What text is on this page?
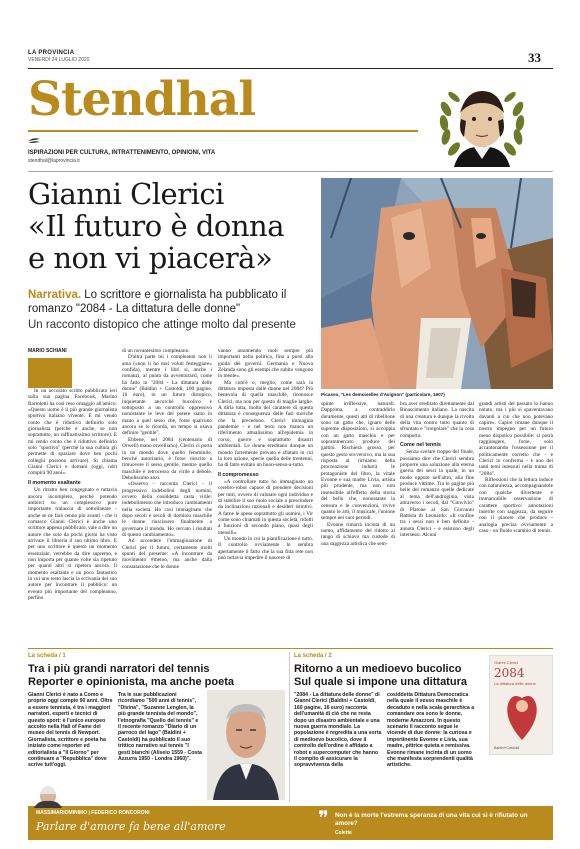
LA PROVINCIA
VENERDÌ 24 LUGLIO 2020	33
Stendhal
ISPIRAZIONI PER CULTURA, INTRATTENIMENTO, OPINIONI, VITA
stendhal@laprovincia.it
Gianni Clerici
«Il futuro è donna
e non vi piacerà»
Narrativa. Lo scrittore e giornalista ha pubblicato il romanzo "2084 - La dittatura delle donne"
Un racconto distopico che attinge molto dal presente
Picasso, "Les demoiselles d'Avignon" (particolare, 1907)
MARIO SCHIANI

In un accorato scritto pubblicato ieri sulla sua pagina Facebook, Marino Bartoletti ha così reso omaggio all'amico: «Questo uomo è il più grande giornalista sportivo italiano vivente. E mi vendo conto che è riduttivo definirlo solo giornalista (perché è anche, se non soprattutto, un raffinatissimo scrittore). E mi rendo conto che è riduttivo definirlo solo "sportivo" (perché la sua cultura gli permette di spaziare dove ben pochi colleghi possono arrivare). Si chiama Gianni Clerici e domani (oggi, ndr) compirà 90 anni».

Il momento esaltante

Un ritratto ben congegnato e tuttavia ancora incompleto, perché potendo ambirci su un complessivo pure importante tralascia di sottolineare - anche se ne farà cenno più avanti - che il comasco Gianni Clerici è anche uno scrittore appena pubblicato, vale a dire un autore che solo da pochi giorni ha visto arrivare il libreria il suo ultimo libro. E per uno scrittore è questo un momento essenziale, verrebbe da dire supremo, e non importa per quante volte sia ripetuto per quanti altri si ripetera ancora. Il momento esaltante e un poco fantastico in cui uno testo lascia la scrivania del suo autore per incontrare il pubblico: un evento più importante del compleanno, perfino

di un novantesimo compleanno.

D'altra parte lui i compleanni non li ama («non li ho mai voluti festeggiare» confida), mentre i libri sì, anche i romanzi, al punto da avventurarsi, come ha fatto in "2084 - La dittatura delle donne" (Baldini + Castoldi, 160 pagine, 16 euro), in un futuro distopico, inquietante ancorché bucolico e sottoposto a un controllo oppressivo nonostante le leve del potere siano in mano a quel sesso che, forse qualcuno ancora se lo ricorda, un tempo si usava definire "gentile".

Ebbene, nel 2084 (centenario di Orwell) mano orwelliano), Clerici ci porta in un mondo dove quello femminile, benché autoritario, è forse riuscito a rimuovere il sesso gentile, mentre quello maschile è retrocesso da virile a debole. Debolissimo anzi.

«Osservo - racconta Clerici - il progressivo indebolirsi degli uomini, ovvero della cosiddetta casta virile: indebolimento che introduco cambiamenti nella società. Ho così immaginato che dopo secoli e secoli di dominio maschile le donne riuscissero finalmente a governare il mondo. Ho cercato i risultati di questo cambiamento».

Ad accendere l'immaginazione di Clerici per il futuro, certamente molti spunti del presente: «A incontrare da movimento #metoo, ma anche dalla constatazione che le donne

vanno assumendo ruoli sempre più importanti nella politica, fino a porsi alla guida dei governi. Germania e Nuova Zelanda sono gli esempi che subito vengono in mente».

Ma com'è o, meglio, come sarà la dittatura imposta dalle donne nel 2084? Più benevola di quella maschile, riconosce Clerici, ma non per questo di maglie larghe. A dirla tutta, molto del carattere di questa dittatura è conseguenza delle fasi storiche che la precedono. Clerici immagina pandemie - e nel testo non manca un riferimento attualissimo all'epidemia in corso, guerre e soprattutto disastri ambientali. Le donne ereditano dunque un mondo fortemente provato e sfiatato in cui la loro azione, specie quella delle trentenni, ha di fatto evitato un buon-senso-a-tutto.

Il compromesso

«A controllare tutto ho immaginato un cerebro-robot capace di prendere decisioni per tutti, ovvero di valutare ogni individuo e di stabilire il suo ruolo sociale a prescindere da inclinazioni razionali e desideri istintivi. A farne le spese soprattutto gli uomini, i Vir come sono chiamati in questa società, ridotti a funzioni di secondo piano, quasi degli utensili».

Un mondo in cui la pianificazione è tutto. Il controllo ovviamente lo sembra apertamente il fatto che la sua fitta rete non può tuttavia impedire il nascere di

spinte irriflessive, naturali. Dapprima, a contraddirlo duramente, questi atti di ribellione sono un gatto che, ignaro delle supreme disposizioni, si accoppia con un gatto maschio e per soprammercato produce dei gattini. Rischierà grosso, per questo gesto sovversivo, ma la sua risposta al richiamo della procreazione indurrà le protagoniste del libro, la vitale Evonne e sua madre Livia, artista più prudente, ma non non insensibile all'effetto della storia del bello che, nonostante la censura e le convenzioni, rivive quanto le arti, il musicale, l'unione sempre nei suoi periodi.

Evonne rimarrà incinta di un uomo, affidamento del ridotto al rango di schiavo ma custode di una saggezza artistica che sem-

bra aver ereditato direttamente dal Rinascimento italiano. La nascita di una creatura è dunque la rivolta della vita contro tutto quanto di sfrontato e "irregolare" che la cosa comporta.

Come nel tennis

Senza svelare troppo del finale, possiamo dire che Clerici sembra proporre una soluzione alla eterna guerra dei sessi la quale, in un modo oppure nell'altro, alla fine produce vittime. Tra le pagine più belle del romanzo quelle dedicate al tema dell'androginia, vista attraverso i secoli, dal "Convivio" di Platone al San Giovanni Battista di Leonardo: «Il confine tra i sessi non è ben definito - annota Clerici - e esistono degli intersessi. Alcuni

grandi artisti del passato lo hanno notato, ma i più si spaventavano davanti a ciò che non potevano capire». Capire rimane dunque il nostro impegno per un futuro meno dispotico possibile: si potrà raggiungere, forse, solo accantonando l'ossessione per il politicamente corretto che - e Clerici lo conferma - è uno dei tanti temi intessuti nella trama di "2084".

Riflessioni che la lettura induce con naturalezza, accompagnandole con qualche divertente e immancabile osservazione di carattere sportivo: annotazioni inserite con saggezza, da seguire con il piacere che produce - analogia precisa ovviamente a caso - un fluido scambio di tennis.

La scheda / 1
Tra i più grandi narratori del tennis
Reporter e opinionista, ma anche poeta
Gianni Clerici è nato a Como e proprio oggi compie 90 anni. Oltre a essere tennista, è tra i maggiori narratori, esperti e tecnici di questo sport: è l'unico europeo accolto nella Hall of Fame del museo del tennis di Newport. Giornalista, scrittore e poeta ha iniziato come reporter ed editorialista a "Il Giorno" per continuare a "Repubblica" dove scrive tutt'oggi.
Tra le sue pubblicazioni ricordiamo "500 anni di tennis", "Divina", "Suzanne Lenglen, la più grande tennista del mondo", l'etnografia "Quello del tennis" e il recente romanzo "Diario di un parroco del lago" (Baldini + Castoldi) ha pubblicato il suo trittico narrativo sul tennis "I gesti bianchi (Aliseio 1559 - Costa Azzurra 1950 - Londra 1960)".
La scheda / 2
Ritorno a un medioevo bucolico
Sul quale si impone una dittatura
"2084 - La dittatura delle donne" di Gianni Clerici (Baldini + Castoldi, 160 pagine, 16 euro) racconta dell'umanità di ciò che ne resta dopo un disastro ambientale e una nuova guerra mondiale. La popolazione è regredita a una sorta di medioevo bucolico, dove il controllo dell'ordine è affidato a robot e supercomputer che hanno il compito di assicurare la sopravvivenza della
cosiddetta Dittatura Democratica nella quale il sesso maschile è decaduto e nella scala gerarchica a comandare ora sono le donne, moderne Amazzoni. In questo scenario il racconto segue le vicende di due donne: la curiosa e impertinente Evonne e Livia, sua madre, pittrice quieta e remissiva. Evonne rimane incinta di un uomo che manifesta sorprendenti qualità artistiche.
Gianni Clerici
2084
La dittatura delle donne
Baldini+Castoldi
MASSIMARIOMINIMO | FEDERICO RONCORONI
Parlare d'amore fa bene all'amore	❞ Non è la morte l'estrema speranza di una vita cui si è rifiutato un amore?
Colette
